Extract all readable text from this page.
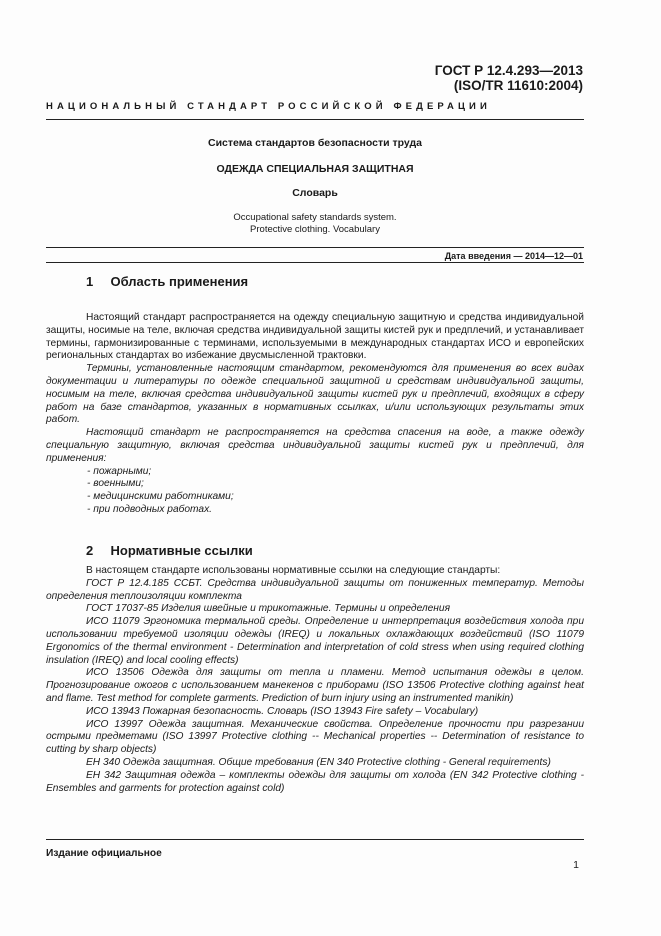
ГОСТ Р 12.4.293—2013
(ISO/TR 11610:2004)
НАЦИОНАЛЬНЫЙ СТАНДАРТ РОССИЙСКОЙ ФЕДЕРАЦИИ
Система стандартов безопасности труда
ОДЕЖДА СПЕЦИАЛЬНАЯ ЗАЩИТНАЯ
Словарь
Occupational safety standards system.
Protective clothing. Vocabulary
Дата введения — 2014—12—01
1 Область применения

Настоящий стандарт распространяется на одежду специальную защитную и средства индивидуальной защиты, носимые на теле, включая средства индивидуальной защиты кистей рук и предплечий, и устанавливает термины, гармонизированные с терминами, используемыми в международных стандартах ИСО и европейских региональных стандартах во избежание двусмысленной трактовки.

Термины, установленные настоящим стандартом, рекомендуются для применения во всех видах документации и литературы по одежде специальной защитной и средствам индивидуальной защиты, носимым на теле, включая средства индивидуальной защиты кистей рук и предплечий, входящих в сферу работ на базе стандартов, указанных в нормативных ссылках, и/или использующих результаты этих работ.

Настоящий стандарт не распространяется на средства спасения на воде, а также одежду специальную защитную, включая средства индивидуальной защиты кистей рук и предплечий, для применения:

- пожарными;

- военными;

- медицинскими работниками;

- при подводных работах.

2 Нормативные ссылки

В настоящем стандарте использованы нормативные ссылки на следующие стандарты:

ГОСТ Р 12.4.185 ССБТ. Средства индивидуальной защиты от пониженных температур. Методы определения теплоизоляции комплекта

ГОСТ 17037-85 Изделия швейные и трикотажные. Термины и определения

ИСО 11079 Эргономика термальной среды. Определение и интерпретация воздействия холода при использовании требуемой изоляции одежды (IREQ) и локальных охлаждающих воздействий (ISO 11079 Ergonomics of the thermal environment - Determination and interpretation of cold stress when using required clothing insulation (IREQ) and local cooling effects)

ИСО 13506 Одежда для защиты от тепла и пламени. Метод испытания одежды в целом. Прогнозирование ожогов с использованием манекенов с приборами (ISO 13506 Protective clothing against heat and flame. Test method for complete garments. Prediction of burn injury using an instrumented manikin)

ИСО 13943 Пожарная безопасность. Словарь (ISO 13943 Fire safety – Vocabulary)

ИСО 13997 Одежда защитная. Механические свойства. Определение прочности при разрезании острыми предметами (ISO 13997 Protective clothing -- Mechanical properties -- Determination of resistance to cutting by sharp objects)

ЕН 340 Одежда защитная. Общие требования (EN 340 Protective clothing - General requirements)

ЕН 342 Защитная одежда – комплекты одежды для защиты от холода (EN 342 Protective clothing - Ensembles and garments for protection against cold)

Издание официальное
1
